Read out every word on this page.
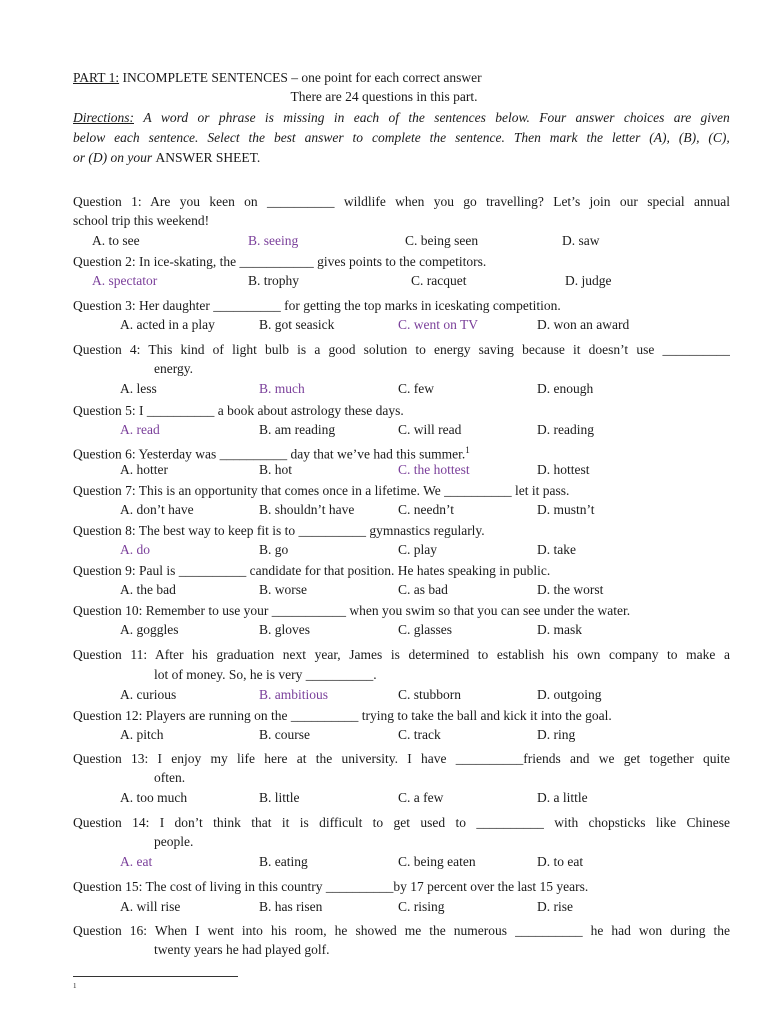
PART 1: INCOMPLETE SENTENCES – one point for each correct answer
There are 24 questions in this part.
Directions: A word or phrase is missing in each of the sentences below. Four answer choices are given
below each sentence. Select the best answer to complete the sentence. Then mark the letter (A), (B), (C),
or (D) on your ANSWER SHEET.
Question 1: Are you keen on __________ wildlife when you go travelling? Let’s join our special annual
school trip this weekend!
A. to see	B. seeing	C. being seen	D. saw
Question 2: In ice-skating, the ___________ gives points to the competitors.
A. spectator	B. trophy	C. racquet	D. judge
Question 3: Her daughter __________ for getting the top marks in iceskating competition.
A. acted in a play	B. got seasick	C. went on TV	D. won an award
Question 4: This kind of light bulb is a good solution to energy saving because it doesn’t use __________
energy.
A. less	B. much	C. few	D. enough
Question 5: I __________ a book about astrology these days.
A. read	B. am reading	C. will read	D. reading
Question 6: Yesterday was __________ day that we’ve had this summer.$^1$
A. hotter	B. hot	C. the hottest	D. hottest
Question 7: This is an opportunity that comes once in a lifetime. We __________ let it pass.
A. don’t have	B. shouldn’t have	C. needn’t	D. mustn’t
Question 8: The best way to keep fit is to __________ gymnastics regularly.
A. do	B. go	C. play	D. take
Question 9: Paul is __________ candidate for that position. He hates speaking in public.
A. the bad	B. worse	C. as bad	D. the worst
Question 10: Remember to use your ___________ when you swim so that you can see under the water.
A. goggles	B. gloves	C. glasses	D. mask
Question 11: After his graduation next year, James is determined to establish his own company to make a
lot of money. So, he is very __________.
A. curious	B. ambitious	C. stubborn	D. outgoing
Question 12: Players are running on the __________ trying to take the ball and kick it into the goal.
A. pitch	B. course	C. track	D. ring
Question 13: I enjoy my life here at the university. I have __________friends and we get together quite
often.
A. too much	B. little	C. a few	D. a little
Question 14: I don’t think that it is difficult to get used to __________ with chopsticks like Chinese
people.
A. eat	B. eating	C. being eaten	D. to eat
Question 15: The cost of living in this country __________by 17 percent over the last 15 years.
A. will rise	B. has risen	C. rising	D. rise
Question 16: When I went into his room, he showed me the numerous __________ he had won during the
twenty years he had played golf.
1
